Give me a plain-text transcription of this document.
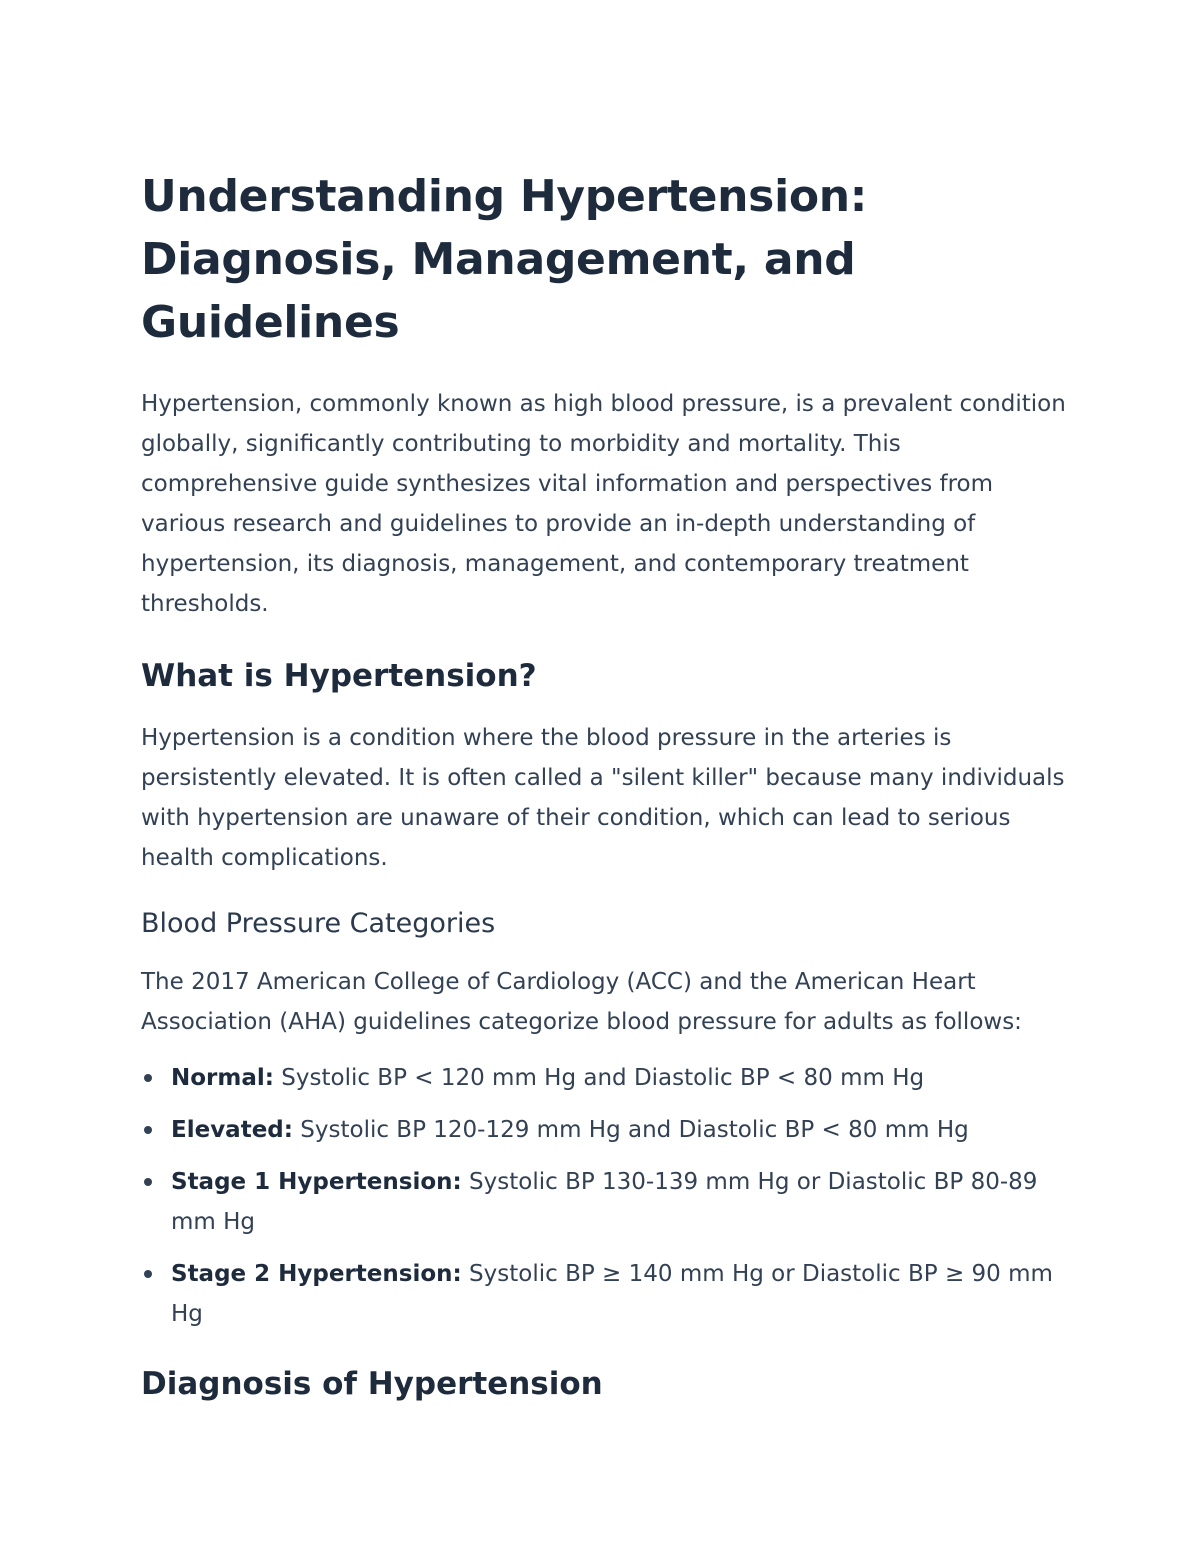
Understanding Hypertension:
Diagnosis, Management, and Guidelines

Hypertension, commonly known as high blood pressure, is a prevalent condition globally, significantly contributing to morbidity and mortality. This comprehensive guide synthesizes vital information and perspectives from various research and guidelines to provide an in-depth understanding of hypertension, its diagnosis, management, and contemporary treatment thresholds.

What is Hypertension?

Hypertension is a condition where the blood pressure in the arteries is persistently elevated. It is often called a "silent killer" because many individuals with hypertension are unaware of their condition, which can lead to serious health complications.

Blood Pressure Categories

The 2017 American College of Cardiology (ACC) and the American Heart Association (AHA) guidelines categorize blood pressure for adults as follows:

Normal: Systolic BP < 120 mm Hg and Diastolic BP < 80 mm Hg
Elevated: Systolic BP 120-129 mm Hg and Diastolic BP < 80 mm Hg
Stage 1 Hypertension: Systolic BP 130-139 mm Hg or Diastolic BP 80-89 mm Hg
Stage 2 Hypertension: Systolic BP ≥ 140 mm Hg or Diastolic BP ≥ 90 mm Hg
Diagnosis of Hypertension
